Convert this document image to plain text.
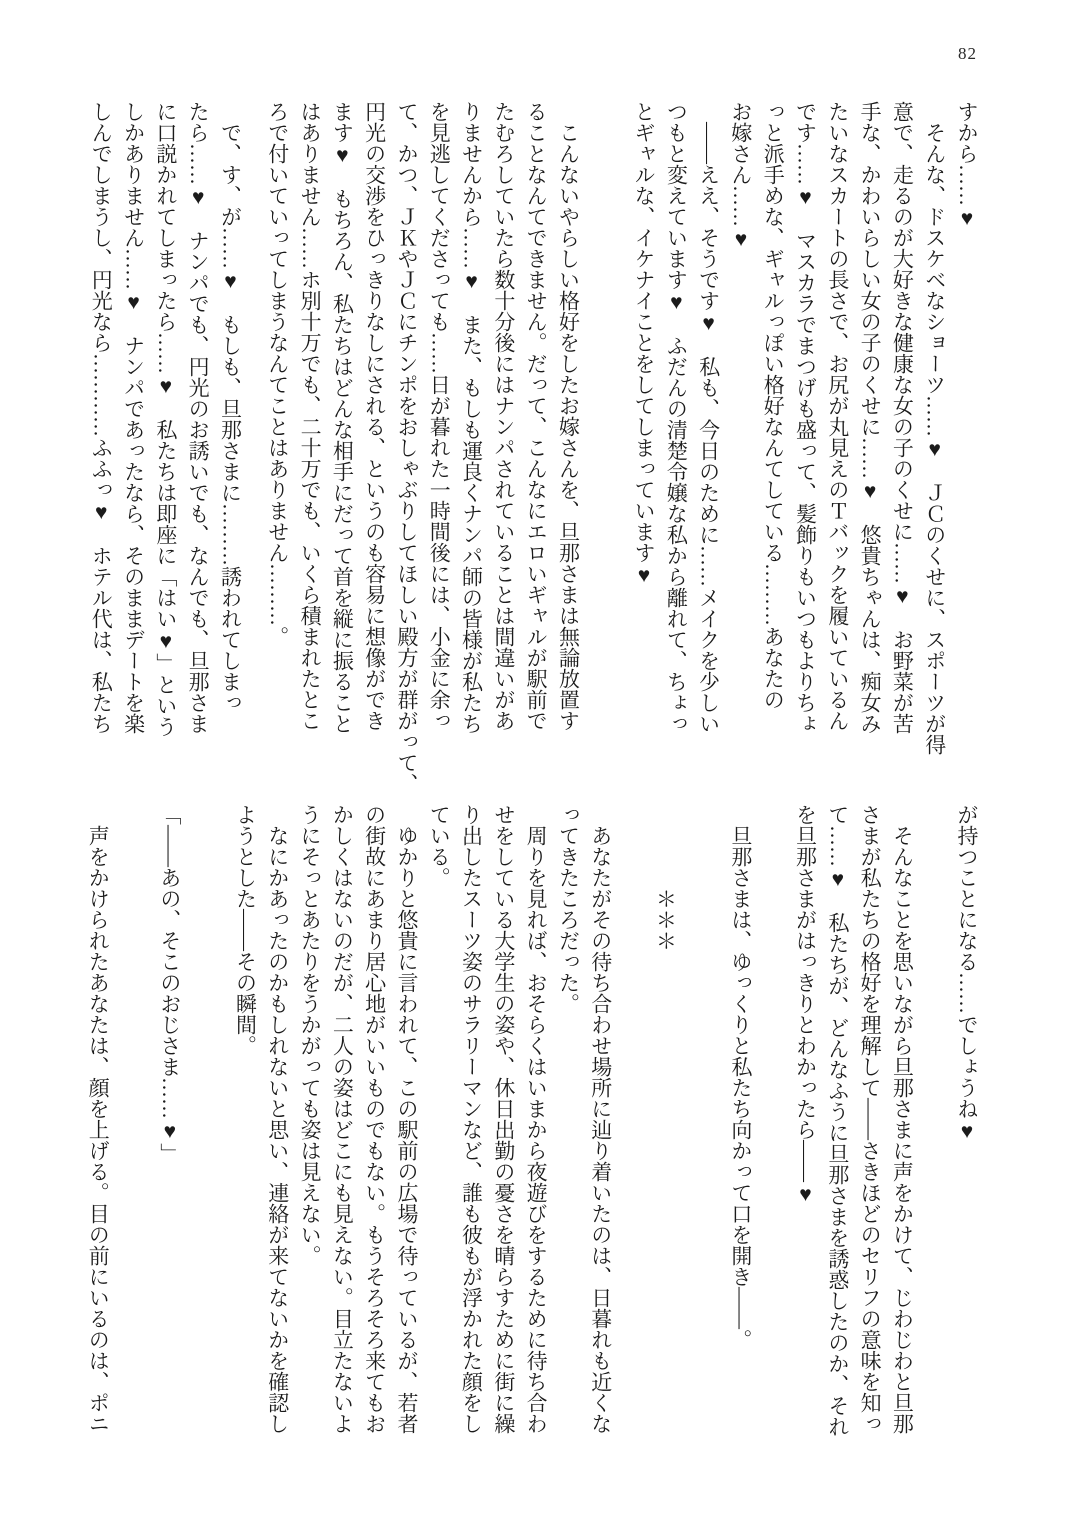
82
すから……♥
　そんな、ドスケベなショーツ……♥　ＪＣのくせに、スポーツが得
意で、走るのが大好きな健康な女の子のくせに……♥　お野菜が苦
手な、かわいらしい女の子のくせに……♥　悠貴ちゃんは、痴女み
たいなスカートの長さで、お尻が丸見えのＴバックを履いているん
です……♥　マスカラでまつげも盛って、髪飾りもいつもよりちょ
っと派手めな、ギャルっぽい格好なんてしている………あなたの
お嫁さん……♥
　――ええ、そうです♥　私も、今日のために……メイクを少しい
つもと変えています♥　ふだんの清楚令嬢な私から離れて、ちょっ
とギャルな、イケナイことをしてしまっています♥

　こんないやらしい格好をしたお嫁さんを、旦那さまは無論放置す
ることなんてできません。だって、こんなにエロいギャルが駅前で
たむろしていたら数十分後にはナンパされていることは間違いがあ
りませんから……♥　また、もしも運良くナンパ師の皆様が私たち
を見逃してくださっても……日が暮れた一時間後には、小金に余っ
て、かつ、ＪＫやＪＣにチンポをおしゃぶりしてほしい殿方が群がって、
円光の交渉をひっきりなしにされる、というのも容易に想像ができ
ます♥　もちろん、私たちはどんな相手にだって首を縦に振ること
はありません……ホ別十万でも、二十万でも、いくら積まれたとこ
ろで付いていってしまうなんてことはありません………。
　で、す、が……♥　もしも、旦那さまに………誘われてしまっ
たら……♥　ナンパでも、円光のお誘いでも、なんでも、旦那さま
に口説かれてしまったら……♥　私たちは即座に「はい♥」という
しかありません……♥　ナンパであったなら、そのままデートを楽
しんでしまうし、円光なら…………ふふっ♥　ホテル代は、私たち
が持つことになる……でしょうね♥

　そんなことを思いながら旦那さまに声をかけて、じわじわと旦那
さまが私たちの格好を理解して――さきほどのセリフの意味を知っ
て……♥　私たちが、どんなふうに旦那さまを誘惑したのか、それ
を旦那さまがはっきりとわかったら――♥

　旦那さまは、ゆっくりと私たち向かって口を開き――。

　　　　＊＊＊

　あなたがその待ち合わせ場所に辿り着いたのは、日暮れも近くな
ってきたころだった。
　周りを見れば、おそらくはいまから夜遊びをするために待ち合わ
せをしている大学生の姿や、休日出勤の憂さを晴らすために街に繰
り出したスーツ姿のサラリーマンなど、誰も彼もが浮かれた顔をし
ている。
　ゆかりと悠貴に言われて、この駅前の広場で待っているが、若者
の街故にあまり居心地がいいものでもない。もうそろそろ来てもお
かしくはないのだが、二人の姿はどこにも見えない。目立たないよ
うにそっとあたりをうかがっても姿は見えない。
　なにかあったのかもしれないと思い、連絡が来てないかを確認し
ようとした――その瞬間。

「――あの、そこのおじさま……♥」

　声をかけられたあなたは、顔を上げる。目の前にいるのは、ポニ
